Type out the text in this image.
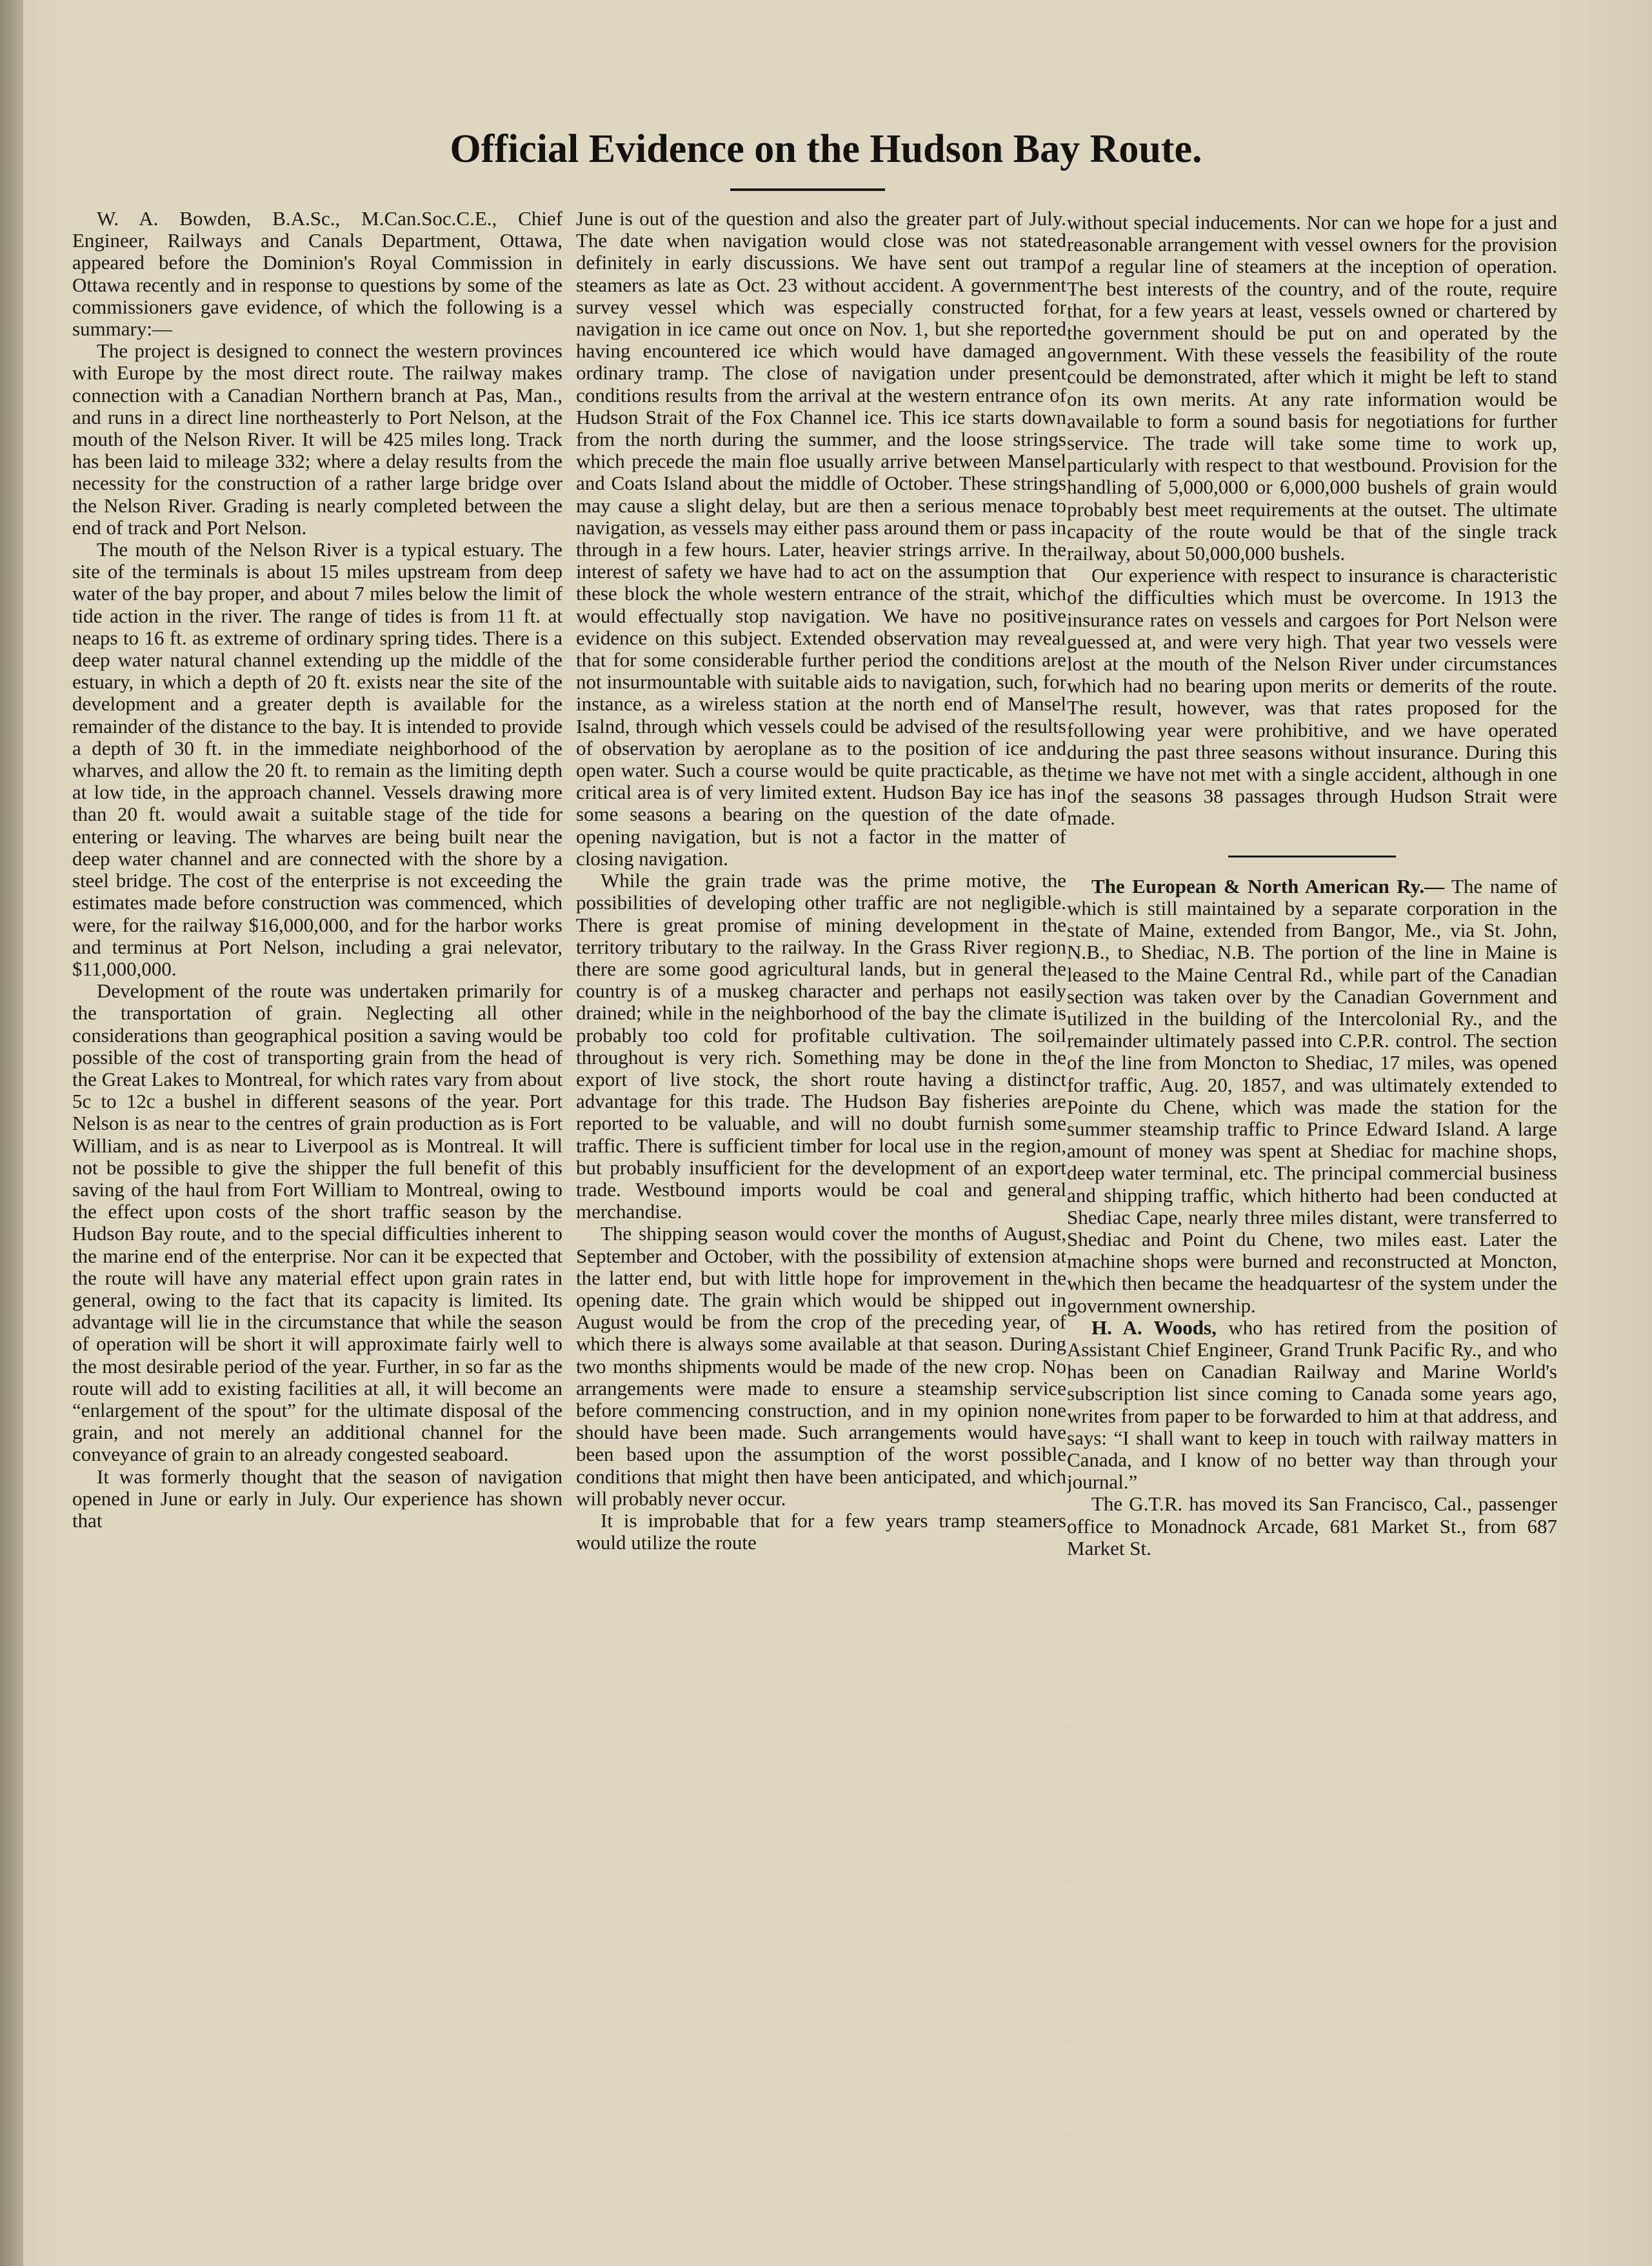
Official Evidence on the Hudson Bay Route.

W. A. Bowden, B.A.Sc., M.Can.Soc.C.E., Chief Engineer, Railways and Canals Department, Ottawa, appeared before the Dominion's Royal Commission in Ottawa recently and in response to questions by some of the commissioners gave evidence, of which the following is a summary:—

The project is designed to connect the western provinces with Europe by the most direct route. The railway makes connection with a Canadian Northern branch at Pas, Man., and runs in a direct line northeasterly to Port Nelson, at the mouth of the Nelson River. It will be 425 miles long. Track has been laid to mileage 332; where a delay results from the necessity for the construction of a rather large bridge over the Nelson River. Grading is nearly completed between the end of track and Port Nelson.

The mouth of the Nelson River is a typical estuary. The site of the terminals is about 15 miles upstream from deep water of the bay proper, and about 7 miles below the limit of tide action in the river. The range of tides is from 11 ft. at neaps to 16 ft. as extreme of ordinary spring tides. There is a deep water natural channel extending up the middle of the estuary, in which a depth of 20 ft. exists near the site of the development and a greater depth is available for the remainder of the distance to the bay. It is intended to provide a depth of 30 ft. in the immediate neighborhood of the wharves, and allow the 20 ft. to remain as the limiting depth at low tide, in the approach channel. Vessels drawing more than 20 ft. would await a suitable stage of the tide for entering or leaving. The wharves are being built near the deep water channel and are connected with the shore by a steel bridge. The cost of the enterprise is not exceeding the estimates made before construction was commenced, which were, for the railway $16,000,000, and for the harbor works and terminus at Port Nelson, including a grai nelevator, $11,000,000.

Development of the route was undertaken primarily for the transportation of grain. Neglecting all other considerations than geographical position a saving would be possible of the cost of transporting grain from the head of the Great Lakes to Montreal, for which rates vary from about 5c to 12c a bushel in different seasons of the year. Port Nelson is as near to the centres of grain production as is Fort William, and is as near to Liverpool as is Montreal. It will not be possible to give the shipper the full benefit of this saving of the haul from Fort William to Montreal, owing to the effect upon costs of the short traffic season by the Hudson Bay route, and to the special difficulties inherent to the marine end of the enterprise. Nor can it be expected that the route will have any material effect upon grain rates in general, owing to the fact that its capacity is limited. Its advantage will lie in the circumstance that while the season of operation will be short it will approximate fairly well to the most desirable period of the year. Further, in so far as the route will add to existing facilities at all, it will become an “enlargement of the spout” for the ultimate disposal of the grain, and not merely an additional channel for the conveyance of grain to an already congested seaboard.

It was formerly thought that the season of navigation opened in June or early in July. Our experience has shown that

June is out of the question and also the greater part of July. The date when navigation would close was not stated definitely in early discussions. We have sent out tramp steamers as late as Oct. 23 without accident. A government survey vessel which was especially constructed for navigation in ice came out once on Nov. 1, but she reported having encountered ice which would have damaged an ordinary tramp. The close of navigation under present conditions results from the arrival at the western entrance of Hudson Strait of the Fox Channel ice. This ice starts down from the north during the summer, and the loose strings which precede the main floe usually arrive between Mansel and Coats Island about the middle of October. These strings may cause a slight delay, but are then a serious menace to navigation, as vessels may either pass around them or pass in through in a few hours. Later, heavier strings arrive. In the interest of safety we have had to act on the assumption that these block the whole western entrance of the strait, which would effectually stop navigation. We have no positive evidence on this subject. Extended observation may reveal that for some considerable further period the conditions are not insurmountable with suitable aids to navigation, such, for instance, as a wireless station at the north end of Mansel Isalnd, through which vessels could be advised of the results of observation by aeroplane as to the position of ice and open water. Such a course would be quite practicable, as the critical area is of very limited extent. Hudson Bay ice has in some seasons a bearing on the question of the date of opening navigation, but is not a factor in the matter of closing navigation.

While the grain trade was the prime motive, the possibilities of developing other traffic are not negligible. There is great promise of mining development in the territory tributary to the railway. In the Grass River region there are some good agricultural lands, but in general the country is of a muskeg character and perhaps not easily drained; while in the neighborhood of the bay the climate is probably too cold for profitable cultivation. The soil throughout is very rich. Something may be done in the export of live stock, the short route having a distinct advantage for this trade. The Hudson Bay fisheries are reported to be valuable, and will no doubt furnish some traffic. There is sufficient timber for local use in the region, but probably insufficient for the development of an export trade. Westbound imports would be coal and general merchandise.

The shipping season would cover the months of August, September and October, with the possibility of extension at the latter end, but with little hope for improvement in the opening date. The grain which would be shipped out in August would be from the crop of the preceding year, of which there is always some available at that season. During two months shipments would be made of the new crop. No arrangements were made to ensure a steamship service before commencing construction, and in my opinion none should have been made. Such arrangements would have been based upon the assumption of the worst possible conditions that might then have been anticipated, and which will probably never occur.

It is improbable that for a few years tramp steamers would utilize the route

without special inducements. Nor can we hope for a just and reasonable arrangement with vessel owners for the provision of a regular line of steamers at the inception of operation. The best interests of the country, and of the route, require that, for a few years at least, vessels owned or chartered by the government should be put on and operated by the government. With these vessels the feasibility of the route could be demonstrated, after which it might be left to stand on its own merits. At any rate information would be available to form a sound basis for negotiations for further service. The trade will take some time to work up, particularly with respect to that westbound. Provision for the handling of 5,000,000 or 6,000,000 bushels of grain would probably best meet requirements at the outset. The ultimate capacity of the route would be that of the single track railway, about 50,000,000 bushels.

Our experience with respect to insurance is characteristic of the difficulties which must be overcome. In 1913 the insurance rates on vessels and cargoes for Port Nelson were guessed at, and were very high. That year two vessels were lost at the mouth of the Nelson River under circumstances which had no bearing upon merits or demerits of the route. The result, however, was that rates proposed for the following year were prohibitive, and we have operated during the past three seasons without insurance. During this time we have not met with a single accident, although in one of the seasons 38 passages through Hudson Strait were made.

The European & North American Ry.— The name of which is still maintained by a separate corporation in the state of Maine, extended from Bangor, Me., via St. John, N.B., to Shediac, N.B. The portion of the line in Maine is leased to the Maine Central Rd., while part of the Canadian section was taken over by the Canadian Government and utilized in the building of the Intercolonial Ry., and the remainder ultimately passed into C.P.R. control. The section of the line from Moncton to Shediac, 17 miles, was opened for traffic, Aug. 20, 1857, and was ultimately extended to Pointe du Chene, which was made the station for the summer steamship traffic to Prince Edward Island. A large amount of money was spent at Shediac for machine shops, deep water terminal, etc. The principal commercial business and shipping traffic, which hitherto had been conducted at Shediac Cape, nearly three miles distant, were transferred to Shediac and Point du Chene, two miles east. Later the machine shops were burned and reconstructed at Moncton, which then became the headquartesr of the system under the government ownership.

H. A. Woods, who has retired from the position of Assistant Chief Engineer, Grand Trunk Pacific Ry., and who has been on Canadian Railway and Marine World's subscription list since coming to Canada some years ago, writes from paper to be forwarded to him at that address, and says: “I shall want to keep in touch with railway matters in Canada, and I know of no better way than through your journal.”

The G.T.R. has moved its San Francisco, Cal., passenger office to Monadnock Arcade, 681 Market St., from 687 Market St.
